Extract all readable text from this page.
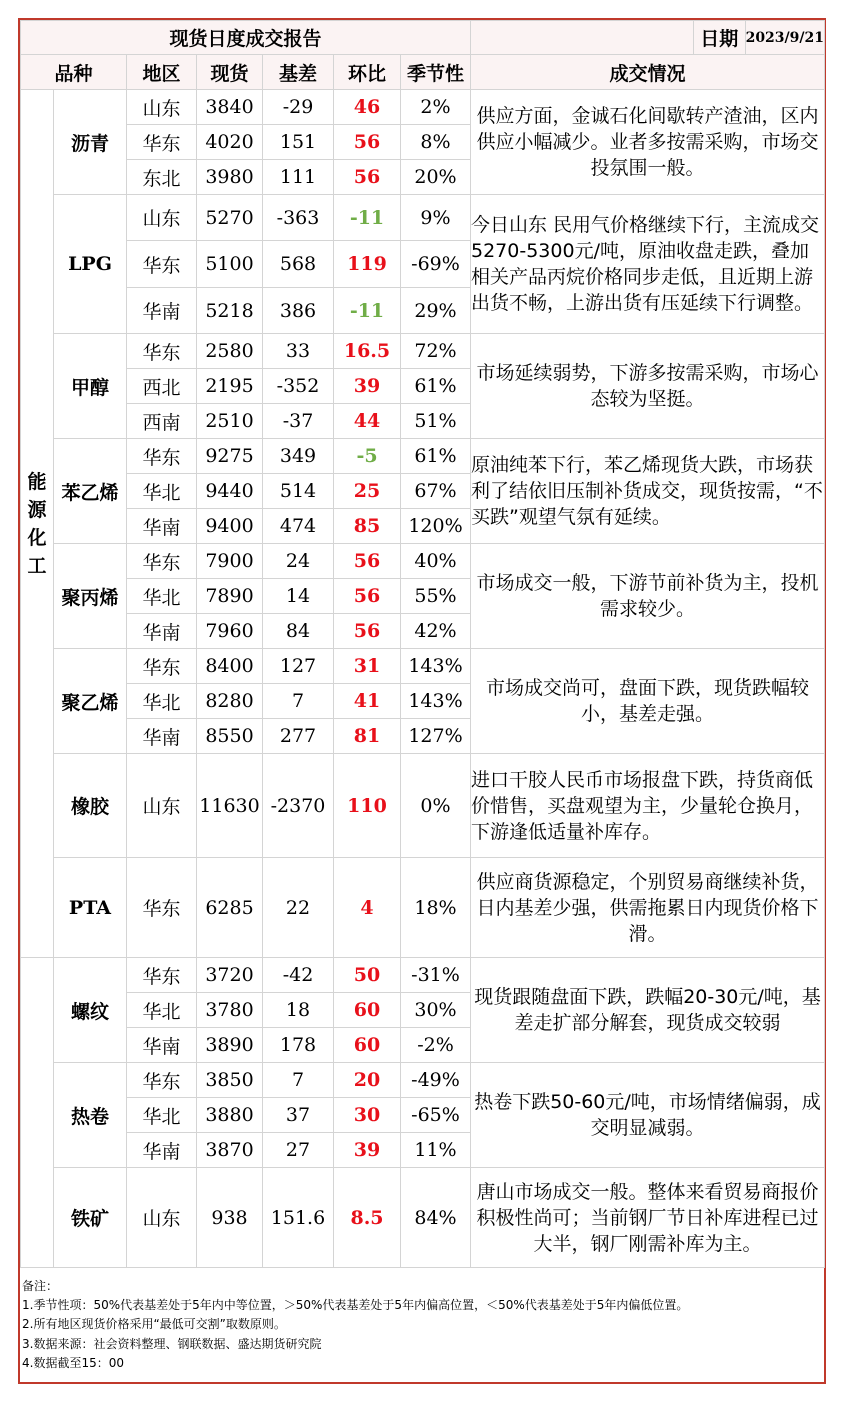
现货日度成交报告							日期 2023/9/21

品种		地区	现货	基差	环比	季节性	成交情况

能
源
化
工	沥青	山东	3840	-29	46	2%	供应方面，金诚石化间歇转产渣油，区内供应小幅减少。业者多按需采购，市场交投氛围一般。
		华东	4020	151	56	8%	
		东北	3980	111	56	20%	
	LPG	山东	5270	-363	-11	9%	今日山东 民用气价格继续下行，主流成交5270-5300元/吨，原油收盘走跌，叠加相关产品丙烷价格同步走低，且近期上游出货不畅，上游出货有压延续下行调整。
		华东	5100	568	119	-69%	
		华南	5218	386	-11	29%	
	甲醇	华东	2580	33	16.5	72%	市场延续弱势，下游多按需采购，市场心态较为坚挺。
		西北	2195	-352	39	61%	
		西南	2510	-37	44	51%	
	苯乙烯	华东	9275	349	-5	61%	原油纯苯下行，苯乙烯现货大跌，市场获利了结依旧压制补货成交，现货按需，“不买跌”观望气氛有延续。
		华北	9440	514	25	67%	
		华南	9400	474	85	120%	
	聚丙烯	华东	7900	24	56	40%	市场成交一般，下游节前补货为主，投机需求较少。
		华北	7890	14	56	55%	
		华南	7960	84	56	42%	
	聚乙烯	华东	8400	127	31	143%	市场成交尚可，盘面下跌，现货跌幅较小，基差走强。
		华北	8280	7	41	143%	
		华南	8550	277	81	127%	
	橡胶	山东	11630	-2370	110	0%	进口干胶人民币市场报盘下跌，持货商低价惜售，买盘观望为主，少量轮仓换月，下游逢低适量补库存。
	PTA	华东	6285	22	4	18%	供应商货源稳定，个别贸易商继续补货，日内基差少强，供需拖累日内现货价格下滑。
	螺纹	华东	3720	-42	50	-31%	现货跟随盘面下跌，跌幅20-30元/吨，基差走扩部分解套，现货成交较弱
		华北	3780	18	60	30%	
		华南	3890	178	60	-2%	
	热卷	华东	3850	7	20	-49%	热卷下跌50-60元/吨，市场情绪偏弱，成交明显减弱。
		华北	3880	37	30	-65%	
		华南	3870	27	39	11%	
	铁矿	山东	938	151.6	8.5	84%	唐山市场成交一般。整体来看贸易商报价积极性尚可；当前钢厂节日补库进程已过大半，钢厂刚需补库为主。
备注：
1.季节性项：50%代表基差处于5年内中等位置，＞50%代表基差处于5年内偏高位置，＜50%代表基差处于5年内偏低位置。
2.所有地区现货价格采用“最低可交割”取数原则。
3.数据来源：社会资料整理、钢联数据、盛达期货研究院
4.数据截至15：00
